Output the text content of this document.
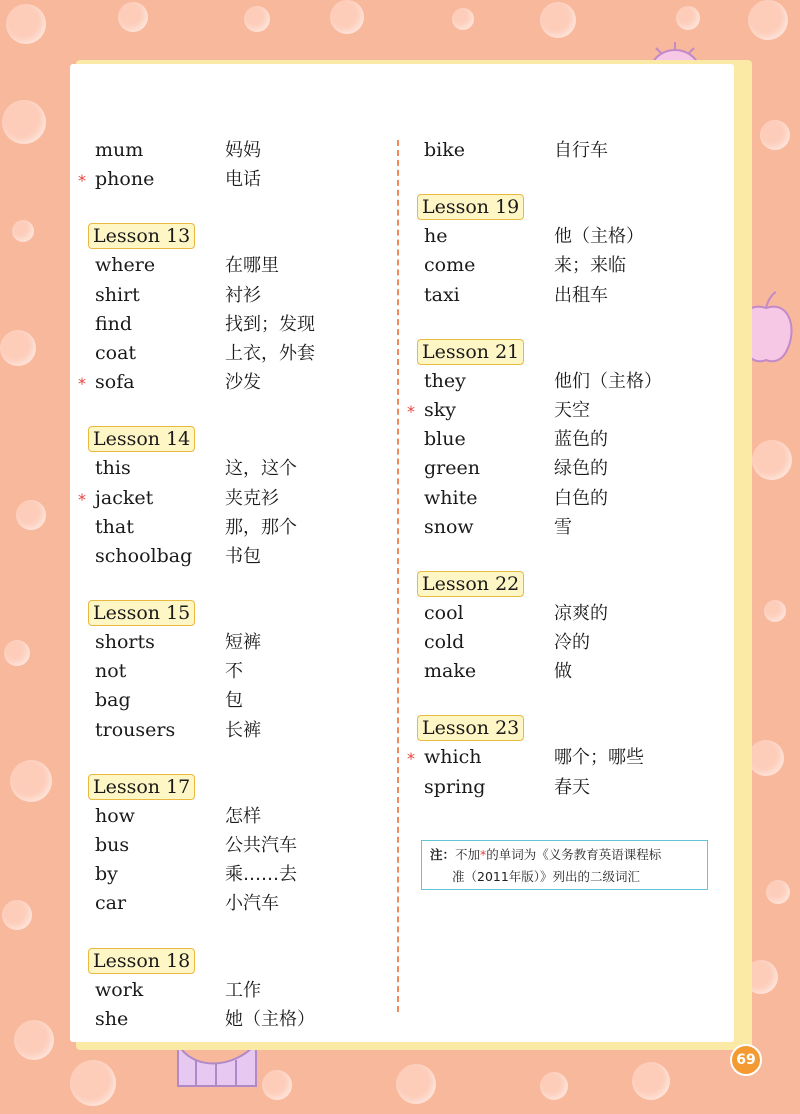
mum	妈妈
* phone	电话
Lesson 13
where	在哪里
shirt	衬衫
find	找到；发现
coat	上衣，外套
* sofa	沙发
Lesson 14
this	这，这个
* jacket	夹克衫
that	那，那个
schoolbag 书包
Lesson 15
shorts	短裤
not	不
bag	包
trousers	长裤
Lesson 17
how	怎样
bus	公共汽车
by	乘……去
car	小汽车
Lesson 18
work	工作
she	她（主格）
bike	自行车
Lesson 19
he	他（主格）
come	来；来临
taxi	出租车
Lesson 21
they	他们（主格）
* sky	天空
blue	蓝色的
green	绿色的
white	白色的
snow	雪
Lesson 22
cool	凉爽的
cold	冷的
make	做
Lesson 23
* which	哪个；哪些
spring	春天
注：不加*的单词为《义务教育英语课程标
准（2011年版）》列出的二级词汇
69
